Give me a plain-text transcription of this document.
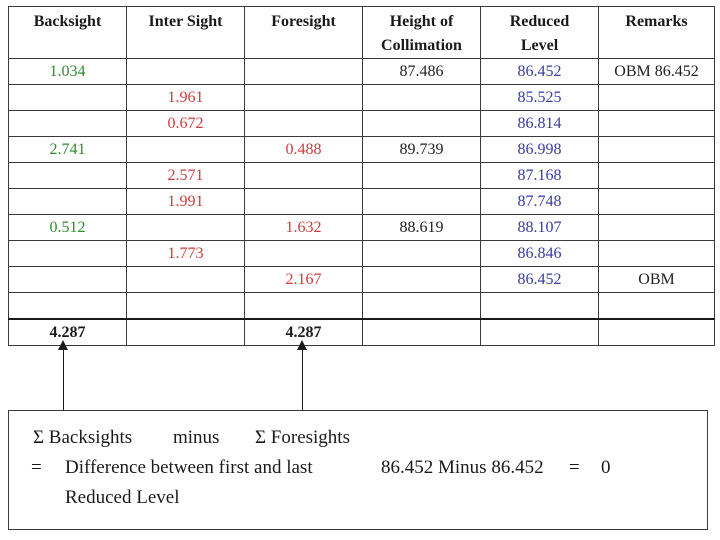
Backsight	Inter Sight	Foresight	Height of Collimation	Reduced Level	Remarks
1.034			87.486	86.452	OBM 86.452
	1.961			85.525	
	0.672			86.814	
2.741		0.488	89.739	86.998	
	2.571			87.168	
	1.991			87.748	
0.512		1.632	88.619	88.107	
	1.773			86.846	
		2.167		86.452	OBM

4.287		4.287			
Σ Backsights minus Σ Foresights
= Difference between first and last	86.452 Minus 86.452 = 0
Reduced Level
